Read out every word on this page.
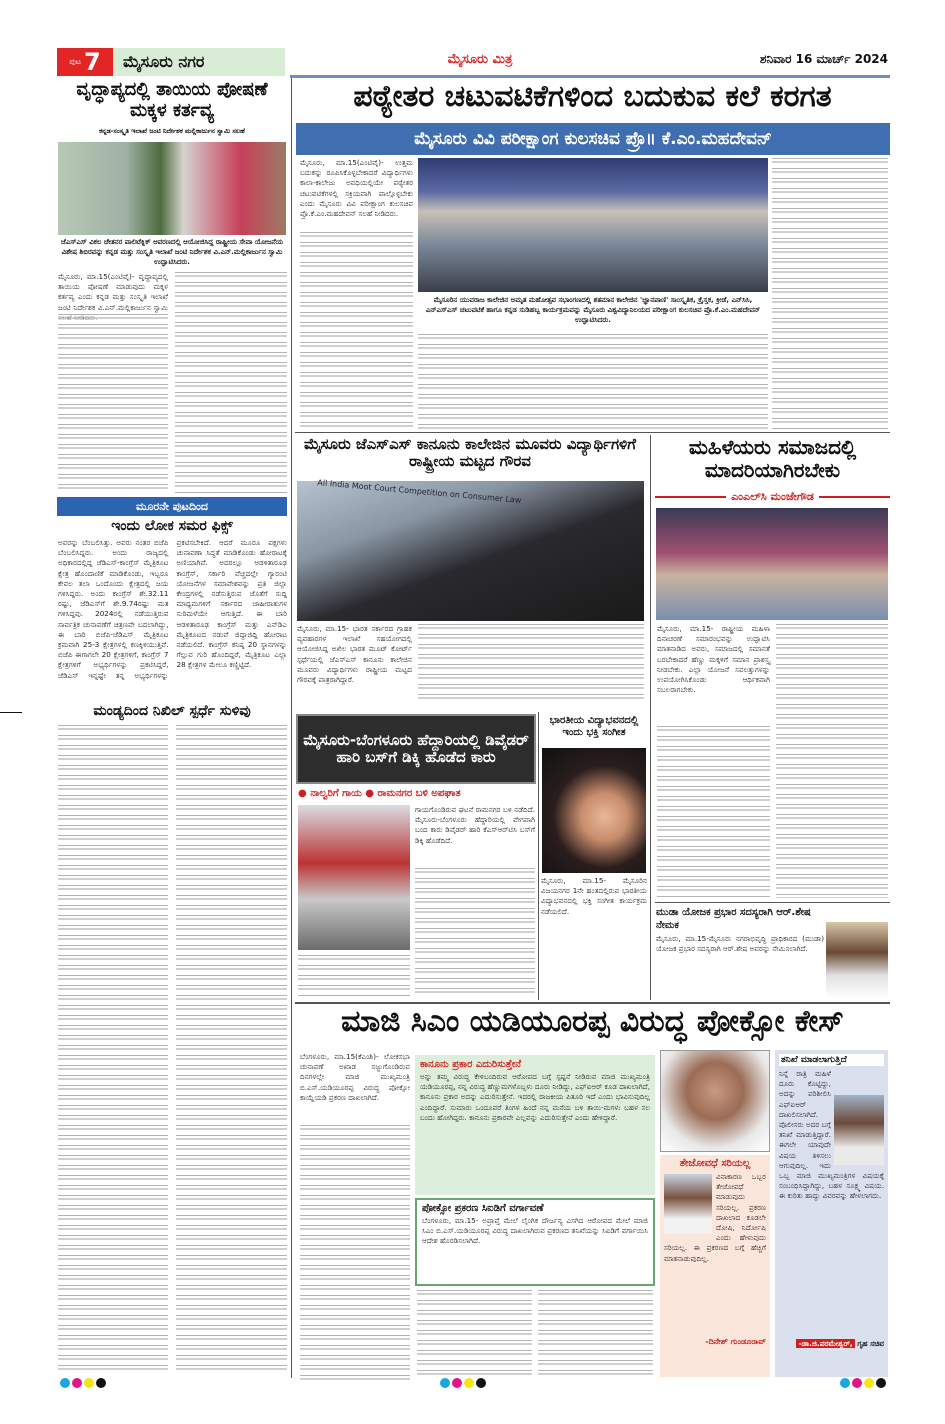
ಪುಟ 7	ಮೈಸೂರು ನಗರ	ಮೈಸೂರು ಮಿತ್ರ	ಶನಿವಾರ 16 ಮಾರ್ಚ್ 2024
ವೃದ್ಧಾಪ್ಯದಲ್ಲಿ ತಾಯಿಯ ಪೋಷಣೆ ಮಕ್ಕಳ ಕರ್ತವ್ಯ
ಕನ್ನಡ-ಸಂಸ್ಕೃತಿ ಇಲಾಖೆ ಜಂಟಿ ನಿರ್ದೇಶಕ ಮಲ್ಲಿಕಾರ್ಜುನ ಸ್ವಾಮಿ ಸಲಹೆ
ಜೆಎಸ್‌ಎಸ್ ವಿಕಲ ಚೇತನರ ಪಾಲಿಟೆಕ್ನಿಕ್ ಆವರಣದಲ್ಲಿ ಆಯೋಜಿಸಿದ್ದ ರಾಷ್ಟ್ರೀಯ ಸೇವಾ ಯೋಜನೆಯ ವಿಶೇಷ ಶಿಬಿರವನ್ನು ಕನ್ನಡ ಮತ್ತು ಸಂಸ್ಕೃತಿ ಇಲಾಖೆ ಜಂಟಿ ನಿರ್ದೇಶಕ ವಿ.ಎನ್.ಮಲ್ಲಿಕಾರ್ಜುನ ಸ್ವಾಮಿ ಉದ್ಘಾಟಿಸಿದರು.
ಮೈಸೂರು, ಮಾ.15(ಎಂಟಿವೈ)- ವೃದ್ಧಾಪ್ಯದಲ್ಲಿ ತಾಯಿಯ ಪೋಷಣೆ ಮಾಡುವುದು ಮಕ್ಕಳ ಕರ್ತವ್ಯ ಎಂದು ಕನ್ನಡ ಮತ್ತು ಸಂಸ್ಕೃತಿ ಇಲಾಖೆ ಜಂಟಿ ನಿರ್ದೇಶಕ ವಿ.ಎನ್.ಮಲ್ಲಿಕಾರ್ಜುನ ಸ್ವಾಮಿ
ಮೂರನೇ ಪುಟದಿಂದ
ಇಂದು ಲೋಕ ಸಮರ ಫಿಕ್ಸ್
ಅವರನ್ನು ಬೆಂಬಲಿಸಿತ್ತು. ಅವರು ನಂತರ ಬಿಜೆಪಿ ಬೆಂಬಲಿಸಿದ್ದರು. ಅಂದು ರಾಜ್ಯದಲ್ಲಿ ಅಧಿಕಾರದಲ್ಲಿದ್ದ ಜೆಡಿಎಸ್-ಕಾಂಗ್ರೆಸ್ ಮೈತ್ರಿಕೂಟ ಕ್ಷೇತ್ರ ಹೊಂದಾಣಿಕೆ ಮಾಡಿಕೊಂಡು, ಇಬ್ಬರೂ ಕೇವಲ ತಲಾ ಒಂದೊಂದು ಕ್ಷೇತ್ರದಲ್ಲಿ ಜಯ ಗಳಿಸಿದ್ದರು. ಅಂದು ಕಾಂಗ್ರೆಸ್ ಶೇ.32.11 ರಷ್ಟು, ಜೆಡಿಎಸ್‌ಗೆ ಶೇ.9.74ರಷ್ಟು ಮತ ಗಳಿಸಿದ್ದವು. 2024ರಲ್ಲಿ ನಡೆಯುತ್ತಿರುವ ಸಾರ್ವತ್ರಿಕ ಚುನಾವಣೆಗೆ ಚಿತ್ರಣವೇ ಬದಲಾಗಿದ್ದು, ಈ ಬಾರಿ ಬಿಜೆಪಿ-ಜೆಡಿಎಸ್ ಮೈತ್ರಿಕೂಟ ಕ್ರಮವಾಗಿ 25-3 ಕ್ಷೇತ್ರಗಳಲ್ಲಿ ಕಣಕ್ಕಿಳಿಯುತ್ತಿವೆ. ಬಿಜೆಪಿ ಈಗಾಗಲೇ 20 ಕ್ಷೇತ್ರಗಳಿಗೆ, ಕಾಂಗ್ರೆಸ್ 7 ಕ್ಷೇತ್ರಗಳಿಗೆ ಅಭ್ಯರ್ಥಿಗಳನ್ನು ಪ್ರಕಟಿಸಿದ್ದರೆ, ಜೆಡಿಎಸ್ ಇನ್ನಷ್ಟೇ ತನ್ನ ಅಭ್ಯರ್ಥಿಗಳನ್ನು ಪ್ರಕಟಿಸಬೇಕಿದೆ. ಆದರೆ ಮೂರೂ ಪಕ್ಷಗಳು ಚುನಾವಣಾ ಸಿದ್ಧತೆ ಮಾಡಿಕೊಂಡು ಹೋರಾಟಕ್ಕೆ ಅಣಿಯಾಗಿವೆ. ಅದರಲ್ಲೂ ಆಡಳಿತಾರೂಢ ಕಾಂಗ್ರೆಸ್, ಸರ್ಕಾರಿ ವೆಚ್ಚದಲ್ಲೇ ಗ್ಯಾರಂಟಿ ಯೋಜನೆಗಳ ಸಮಾವೇಶವನ್ನು ಪ್ರತಿ ಜಿಲ್ಲಾ ಕೇಂದ್ರಗಳಲ್ಲಿ ನಡೆಸುತ್ತಿರುವ ಜೊತೆಗೆ ಸುದ್ದಿ ಮಾಧ್ಯಮಗಳಿಗೆ ಸರ್ಕಾರದ ಜಾಹೀರಾತುಗಳ ಸುರಿಮಳೆಯೇ ಆಗುತ್ತಿದೆ. ಈ ಬಾರಿ ಆಡಳಿತಾರೂಢ ಕಾಂಗ್ರೆಸ್ ಮತ್ತು ಎನ್‌ಡಿಎ ಮೈತ್ರಿಕೂಟದ ನಡುವೆ ಜಿದ್ದಾಜಿದ್ದಿ ಹೋರಾಟ ನಡೆಯಲಿದೆ. ಕಾಂಗ್ರೆಸ್ ಕನಿಷ್ಠ 20 ಸ್ಥಾನಗಳನ್ನು ಗೆಲ್ಲುವ ಗುರಿ ಹೊಂದಿದ್ದರೆ, ಮೈತ್ರಿಕೂಟ ಎಲ್ಲಾ 28 ಕ್ಷೇತ್ರಗಳ ಮೇಲೂ ಕಣ್ಣಿಟ್ಟಿದೆ.
ಮಂಡ್ಯದಿಂದ ನಿಖಿಲ್ ಸ್ಪರ್ಧೆ ಸುಳಿವು
ಪಠ್ಯೇತರ ಚಟುವಟಿಕೆಗಳಿಂದ ಬದುಕುವ ಕಲೆ ಕರಗತ
ಮೈಸೂರು ವಿವಿ ಪರೀಕ್ಷಾಂಗ ಕುಲಸಚಿವ ಪ್ರೊ॥ ಕೆ.ಎಂ.ಮಹದೇವನ್
ಮೈಸೂರು, ಮಾ.15(ಎಂಟಿವೈ)- ಉತ್ತಮ ಬದುಕನ್ನು ರೂಪಿಸಿಕೊಳ್ಳಬೇಕಾದರೆ ವಿದ್ಯಾರ್ಥಿಗಳು ಕಾಲಾ-ಕಾಲೇಜು ಅವಧಿಯಲ್ಲಿಯೇ ಪಠ್ಯೇತರ ಚಟುವಟಿಕೆಗಳಲ್ಲಿ ಸಕ್ರಿಯವಾಗಿ ಪಾಲ್ಗೊಳ್ಳಬೇಕು ಎಂದು ಮೈಸೂರು ವಿವಿ ಪರೀಕ್ಷಾಂಗ ಕುಲಸಚಿವ ಪ್ರೊ.ಕೆ.ಎಂ.ಮಹದೇವನ್ ಸಲಹೆ ನೀಡಿದರು.
ಮೈಸೂರಿನ ಯುವರಾಜ ಕಾಲೇಜಿನ ಅಮೃತ ಮಹೋತ್ಸವ ಸಭಾಂಗಣದಲ್ಲಿ ಶತಮಾನ ಕಾಲೇಜಿನ 'ಜ್ಞಾನಪಾಣಿ' ಸಾಂಸ್ಕೃತಿಕ, ಕ್ರೈಸ್ತಕ, ಕ್ರೀಡೆ, ಎನ್‌ಸಿಸಿ, ಎನ್‌ಎಸ್‌ಎಸ್ ಚಟುವಟಿಕೆ ಹಾಗೂ ಕನ್ನಡ ಸುಡಿಹಬ್ಬ ಕಾರ್ಯಕ್ರಮವನ್ನು ಮೈಸೂರು ವಿಶ್ವವಿದ್ಯಾನಿಲಯದ ಪರೀಕ್ಷಾಂಗ ಕುಲಸಚಿವ ಪ್ರೊ.ಕೆ.ಎಂ.ಮಹದೇವನ್ ಉದ್ಘಾಟಿಸಿದರು.
ಮೈಸೂರು ಜೆಎಸ್‌ಎಸ್ ಕಾನೂನು ಕಾಲೇಜಿನ ಮೂವರು ವಿದ್ಯಾರ್ಥಿಗಳಿಗೆ ರಾಷ್ಟ್ರೀಯ ಮಟ್ಟದ ಗೌರವ
All India Moot Court Competition on Consumer Law
ಮೈಸೂರು, ಮಾ.15- ಭಾರತ ಸರ್ಕಾರದ ಗ್ರಾಹಕ ವ್ಯವಹಾರಗಳ ಇಲಾಖೆ ಸಹಯೋಗದಲ್ಲಿ ಆಯೋಜಿಸಿದ್ದ ಅಖಿಲ ಭಾರತ ಮೂಟ್ ಕೋರ್ಟ್ ಸ್ಪರ್ಧೆಯಲ್ಲಿ ಜೆಎಸ್‌ಎಸ್ ಕಾನೂನು ಕಾಲೇಜಿನ ಮೂವರು ವಿದ್ಯಾರ್ಥಿಗಳು ರಾಷ್ಟ್ರೀಯ ಮಟ್ಟದ ಗೌರವಕ್ಕೆ ಪಾತ್ರರಾಗಿದ್ದಾರೆ.
ಮಹಿಳೆಯರು ಸಮಾಜದಲ್ಲಿ ಮಾದರಿಯಾಗಿರಬೇಕು
ಎಂಎಲ್‌ಸಿ ಮಂಜೇಗೌಡ
ಮೈಸೂರು, ಮಾ.15- ರಾಷ್ಟ್ರೀಯ ಮಹಿಳಾ ದಿನಾಚರಣೆ ಸಮಾರಂಭವನ್ನು ಉದ್ಘಾಟಿಸಿ ಮಾತನಾಡಿದ ಅವರು, ಸಮಾಜದಲ್ಲಿ ಸಮಾನತೆ ಬರಬೇಕಾದರೆ ಹೆಣ್ಣು ಮಕ್ಕಳಿಗೆ ಸಮಾನ ಪ್ರಾಶಸ್ತ್ಯ ನೀಡಬೇಕು. ಎಲ್ಲಾ ಯೋಜನೆ ಸವಲತ್ತುಗಳನ್ನು ಉಪಯೋಗಿಸಿಕೊಂಡು ಆರ್ಥಿಕವಾಗಿ ಸಬಲರಾಗಬೇಕು.
ಮೈಸೂರು-ಬೆಂಗಳೂರು ಹೆದ್ದಾರಿಯಲ್ಲಿ ಡಿವೈಡರ್ ಹಾರಿ ಬಸ್‌ಗೆ ಡಿಕ್ಕಿ ಹೊಡೆದ ಕಾರು
● ನಾಲ್ವರಿಗೆ ಗಾಯ ● ರಾಮನಗರ ಬಳಿ ಅಪಘಾತ
ಗಾಯಗೊಂಡಿರುವ ಘಟನೆ ರಾಮನಗರ ಬಳಿ ನಡೆದಿದೆ. ಮೈಸೂರು-ಬೆಂಗಳೂರು ಹೆದ್ದಾರಿಯಲ್ಲಿ ವೇಗವಾಗಿ ಬಂದ ಕಾರು ಡಿವೈಡರ್ ಹಾರಿ ಕೆಎಸ್‌ಆರ್‌ಟಿಸಿ ಬಸ್‌ಗೆ ಡಿಕ್ಕಿ ಹೊಡೆದಿದೆ.
ಭಾರತೀಯ ವಿದ್ಯಾಭವನದಲ್ಲಿ ಇಂದು ಭಕ್ತಿ ಸಂಗೀತ
ಮೈಸೂರು, ಮಾ.15- ಮೈಸೂರಿನ ವಿಜಯನಗರ 1ನೇ ಹಂತದಲ್ಲಿರುವ ಭಾರತೀಯ ವಿದ್ಯಾಭವನದಲ್ಲಿ ಭಕ್ತಿ ಸಂಗೀತ ಕಾರ್ಯಕ್ರಮ ನಡೆಯಲಿದೆ.	ಮುಡಾ ಯೋಜಕ ಪ್ರಭಾರ ಸದಸ್ಯರಾಗಿ ಆರ್.ಶೇಷ ನೇಮಕ
ಮೈಸೂರು, ಮಾ.15-ಮೈಸೂರು ನಗರಾಭಿವೃದ್ಧಿ ಪ್ರಾಧಿಕಾರದ (ಮುಡಾ) ಯೋಜಕ ಪ್ರಭಾರ ಸದಸ್ಯರಾಗಿ ಆರ್.ಶೇಷ ಅವರನ್ನು ನೇಮಿಸಲಾಗಿದೆ.
ಮಾಜಿ ಸಿಎಂ ಯಡಿಯೂರಪ್ಪ ವಿರುದ್ಧ ಪೋಕ್ಸೋ ಕೇಸ್
ಬೆಂಗಳೂರು, ಮಾ.15(ಕೆಎಂಶಿ)- ಲೋಕಸಭಾ ಚುನಾವಣೆ ಅಖಾಡ ಸಜ್ಜುಗೊಂಡಿರುವ ದಿನಗಳಲ್ಲೇ ಮಾಜಿ ಮುಖ್ಯಮಂತ್ರಿ ಬಿ.ಎಸ್.ಯಡಿಯೂರಪ್ಪ ವಿರುದ್ಧ ಪೋಕ್ಸೋ ಕಾಯ್ದೆಯಡಿ ಪ್ರಕರಣ ದಾಖಲಾಗಿದೆ.
ಕಾನೂನು ಪ್ರಕಾರ ಎದುರಿಸುತ್ತೇನೆ
ಅನ್ನು ತಮ್ಮ ವಿರುದ್ಧ ಕೇಳಿಬಂದಿರುವ ಆರೋಪದ ಬಗ್ಗೆ ಸ್ಪಷ್ಟನೆ ನೀಡಿರುವ ಮಾಜಿ ಮುಖ್ಯಮಂತ್ರಿ ಯಡಿಯೂರಪ್ಪ, ನನ್ನ ವಿರುದ್ಧ ಹೆಣ್ಣುಮಗಳೊಬ್ಬಳು ದೂರು ನೀಡಿದ್ದು, ಎಫ್‌ಐಆರ್ ಕೂಡ ದಾಖಲಾಗಿದೆ, ಕಾನೂನು ಪ್ರಕಾರ ಅದನ್ನು ಎದುರಿಸುತ್ತೇನೆ. ಇದರಲ್ಲಿ ರಾಜಕೀಯ ಪಿತೂರಿ ಇದೆ ಎಂದು ಭಾವಿಸುವುದಿಲ್ಲ ಎಂದಿದ್ದಾರೆ. ಸುಮಾರು ಒಂದೂವರೆ ತಿಂಗಳ ಹಿಂದೆ ನನ್ನ ಮನೆಯ ಬಳಿ ತಾಯಿ-ಮಗಳು ಬಹಳ ಸಲ ಬಂದು ಹೋಗಿದ್ದರು. ಕಾನೂನು ಪ್ರಕಾರವೇ ಎಲ್ಲವನ್ನು ಎದುರಿಸುತ್ತೇನೆ ಎಂದು ಹೇಳಿದ್ದಾರೆ.
ಪೋಕ್ಸೋ ಪ್ರಕರಣ ಸಿಐಡಿಗೆ ವರ್ಗಾವಣೆ
ಬೆಂಗಳೂರು, ಮಾ.15- ಅಪ್ರಾಪ್ತೆ ಮೇಲೆ ಲೈಂಗಿಕ ದೌರ್ಜನ್ಯ ಎಸಗಿದ ಆರೋಪದ ಮೇಲೆ ಮಾಜಿ ಸಿಎಂ ಬಿ.ಎಸ್.ಯಡಿಯೂರಪ್ಪ ವಿರುದ್ಧ ದಾಖಲಾಗಿರುವ ಪ್ರಕರಣದ ತನಿಖೆಯನ್ನು ಸಿಐಡಿಗೆ ವರ್ಗಾಯಿಸಿ ಆದೇಶ ಹೊರಡಿಸಲಾಗಿದೆ.
ತೇಜೋವಧೆ ಸರಿಯಲ್ಲ
ವಿನಾಕಾರಣ ಒಬ್ಬರ ತೇಜೋವಧೆ ಮಾಡುವುದು ಸರಿಯಲ್ಲ. ಪ್ರಕರಣ ದಾಖಲಾದ ಕೂಡಲೇ ದೋಷಿ, ನಿರ್ದೋಷಿ ಎಂದು ಹೇಳುವುದು ಸರಿಯಲ್ಲ. ಈ ಪ್ರಕರಣದ ಬಗ್ಗೆ ಹೆಚ್ಚಿಗೆ ಮಾತನಾಡುವುದಿಲ್ಲ.
-ದಿನೇಶ್ ಗುಂಡೂರಾವ್
ತನಿಖೆ ಮಾಡಲಾಗುತ್ತಿದೆ
ನಿನ್ನೆ ರಾತ್ರಿ ಮಹಿಳೆ ದೂರು ಕೊಟ್ಟಿದ್ದು, ಅದನ್ನು ಪರಿಶೀಲಿಸಿ ಎಫ್‌ಐಆರ್ ದಾಖಲಿಸಲಾಗಿದೆ. ಪೊಲೀಸರು ಅದರ ಬಗ್ಗೆ ತನಿಖೆ ಮಾಡುತ್ತಿದ್ದಾರೆ. ಈಗಲೇ ಯಾವುದೇ ವಿಷಯ ತಿಳಿಸಲು ಆಗುವುದಿಲ್ಲ. ಇದು ಒಬ್ಬ ಮಾಜಿ ಮುಖ್ಯಮಂತ್ರಿಗಳ ವಿಷಯಕ್ಕೆ ಸಂಬಂಧಿಸಿದ್ದಾಗಿದ್ದು, ಬಹಳ ಸೂಕ್ಷ್ಮ ವಿಷಯ. ಈ ಕುರಿತು ಹಾದ್ದು ವಿವರವನ್ನು ಹೇಳಲಾಗದು.
-ಡಾ.ಜಿ.ಪರಮೇಶ್ವರ್, ಗೃಹ ಸಚಿವ
